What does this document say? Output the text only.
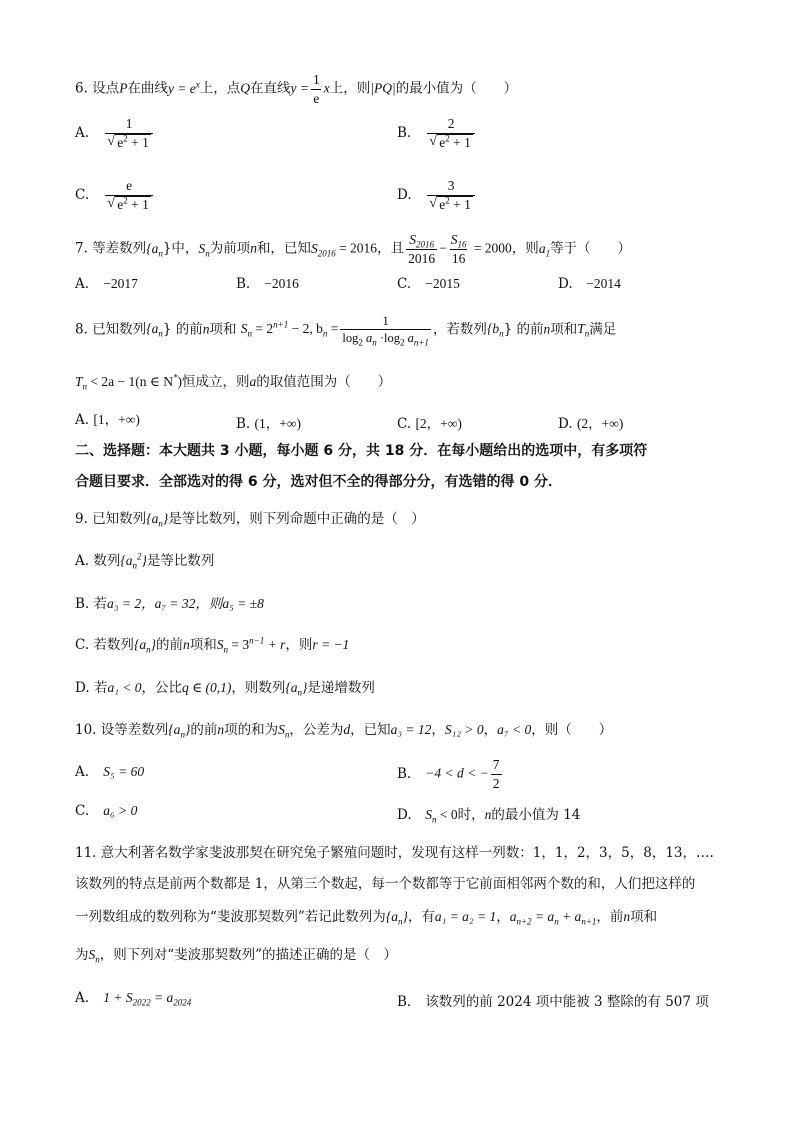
6. 设点P在曲线$y = e^x$上，点Q在直线$y = \frac{1}{e}$ x上，则|PQ|的最小值为（　　）
A. $\frac{1}{√ e^2 + 1}$	B. $\frac{2}{√ e^2 + 1}$
C. $\frac{e}{√ e^2 + 1}$	D. $\frac{3}{√ e^2 + 1}$
7. 等差数列$\{a_n\}$中，$S_n$为前项n和，已知$S_{2016} = 2016$，且 $\frac{S_{2016}}{2016} - \frac{S_{16}}{16} = 2000$，则$a_1$等于（　　）
A. −2017	B. −2016	C. −2015	D. −2014
8. 已知数列$\{a_n\}$ 的前n项和 $S_n = 2^{n+1} - 2$, $b_n = \frac{1}{\log_2 a_n \cdot\log_2 a_{n+1}}$ ，若数列$\{b_n\}$ 的前n项和$T_n$满足
$T_n < 2a - 1(n$ ∈ N*)恒成立，则a的取值范围为（　　）
A. [1，+∞)	B. (1，+∞)	C. [2，+∞)	D. (2，+∞)
二、选择题：本大题共 3 小题，每小题 6 分，共 18 分．在每小题给出的选项中，有多项符
合题目要求．全部选对的得 6 分，选对但不全的得部分分，有选错的得 0 分．
9. 已知数列$\{a_n\}$是等比数列，则下列命题中正确的是（　）
A. 数列$\{a_n^2\}$是等比数列
B. 若a₃ = 2，a₇ = 32，则a₅ = ±8
C. 若数列$\{a_n\}$的前n项和$S_n = 3^{n-1} + r$，则r = −1
D. 若a₁ < 0，公比q ∈ (0,1)，则数列$\{a_n\}$是递增数列
10. 设等差数列$\{a_n\}$的前n项的和为$S_n$，公差为d，已知a₃ = 12，S₁₂ > 0，a₇ < 0，则（　　）
A. S₅ = 60	B. −4 < d < − $\frac{7}{2}$
C. a₆ > 0	D. $S_n < 0$时，n的最小值为 14
11. 意大利著名数学家斐波那契在研究兔子繁殖问题时，发现有这样一列数：1，1，2，3，5，8，13，….
该数列的特点是前两个数都是 1，从第三个数起，每一个数都等于它前面相邻两个数的和，人们把这样的
一列数组成的数列称为“斐波那契数列”若记此数列为$\{a_n\}$，有a₁ = a₂ = 1，$a_{n+2} = a_n + a_{n+1}$，前n项和
为$S_n$，则下列对“斐波那契数列”的描述正确的是（　）
A. $1 + S_{2022} = a_{2024}$	B. 该数列的前 2024 项中能被 3 整除的有 507 项
